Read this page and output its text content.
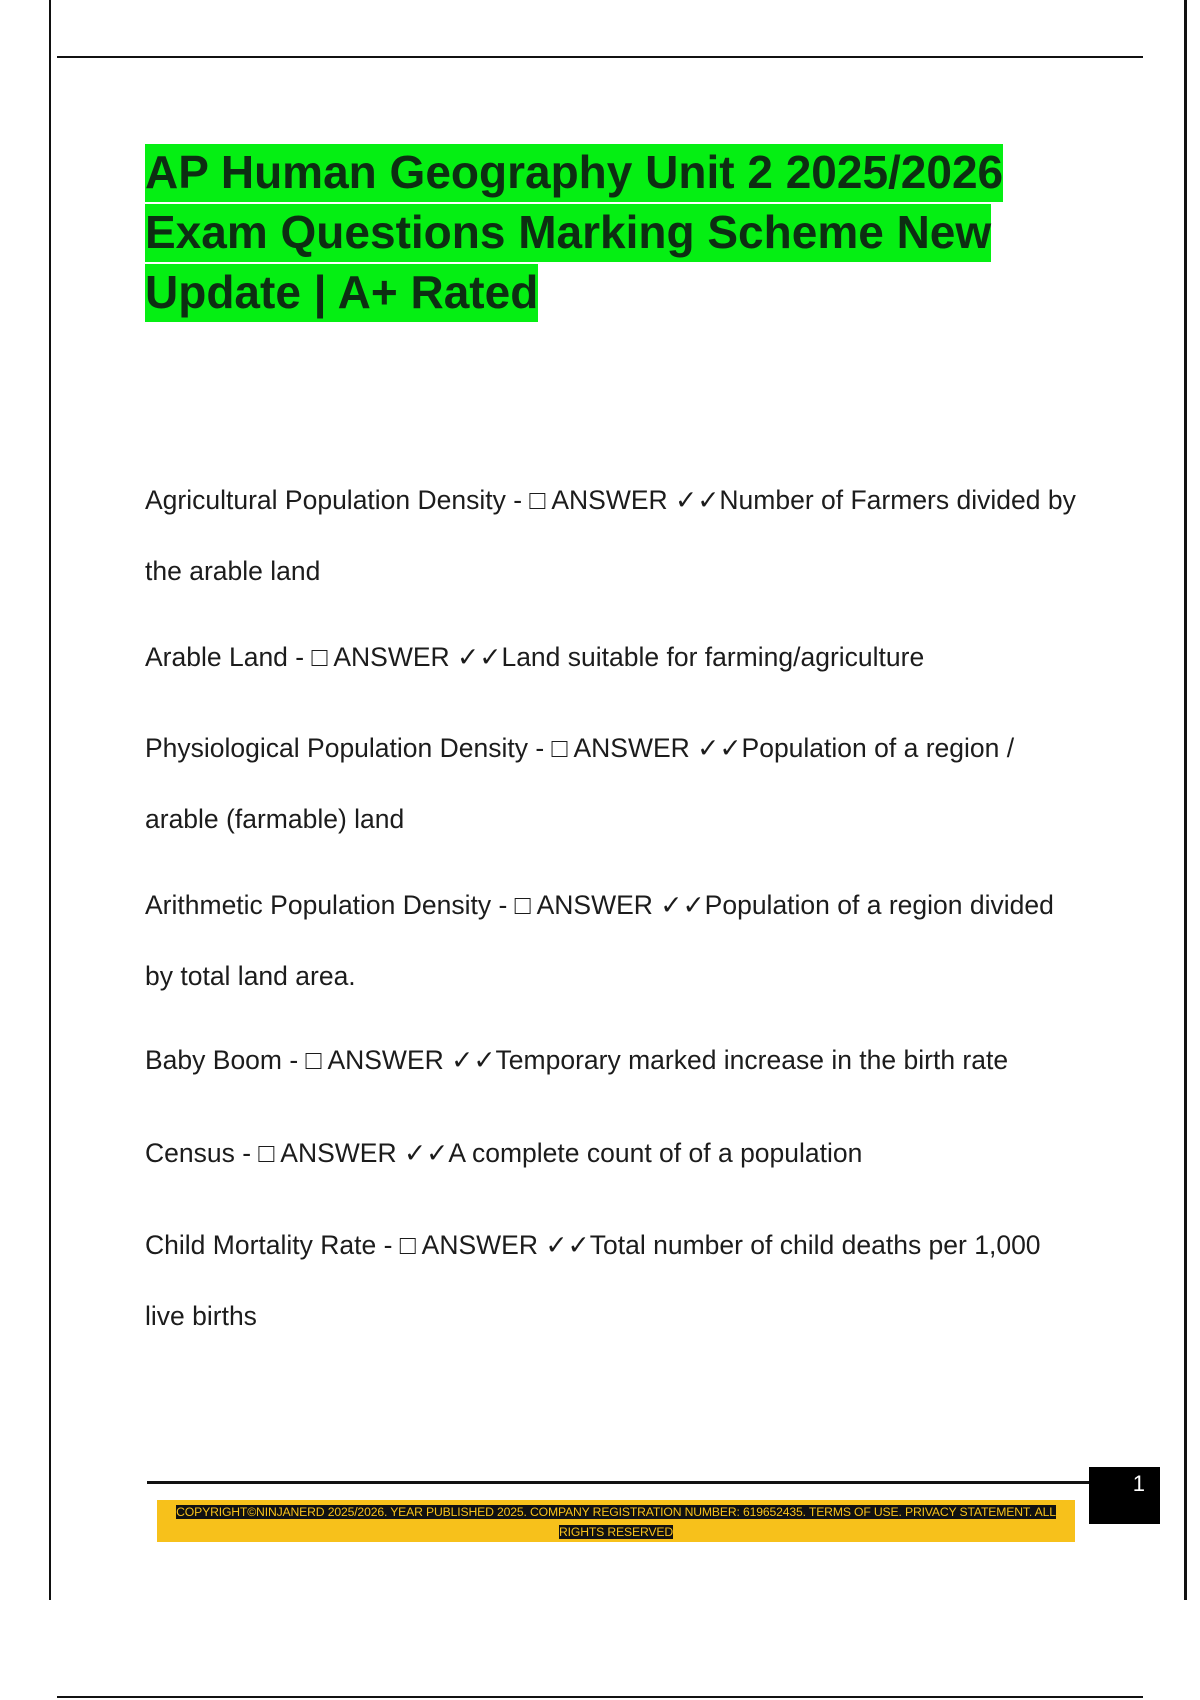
AP Human Geography Unit 2 2025/2026 Exam Questions Marking Scheme New Update | A+ Rated

Agricultural Population Density - □ ANSWER ✓✓Number of Farmers divided by the arable land

Arable Land - □ ANSWER ✓✓Land suitable for farming/agriculture

Physiological Population Density - □ ANSWER ✓✓Population of a region / arable (farmable) land

Arithmetic Population Density - □ ANSWER ✓✓Population of a region divided by total land area.

Baby Boom - □ ANSWER ✓✓Temporary marked increase in the birth rate

Census - □ ANSWER ✓✓A complete count of of a population

Child Mortality Rate - □ ANSWER ✓✓Total number of child deaths per 1,000 live births

1

COPYRIGHT©NINJANERD 2025/2026. YEAR PUBLISHED 2025. COMPANY REGISTRATION NUMBER: 619652435. TERMS OF USE. PRIVACY STATEMENT. ALL RIGHTS RESERVED
